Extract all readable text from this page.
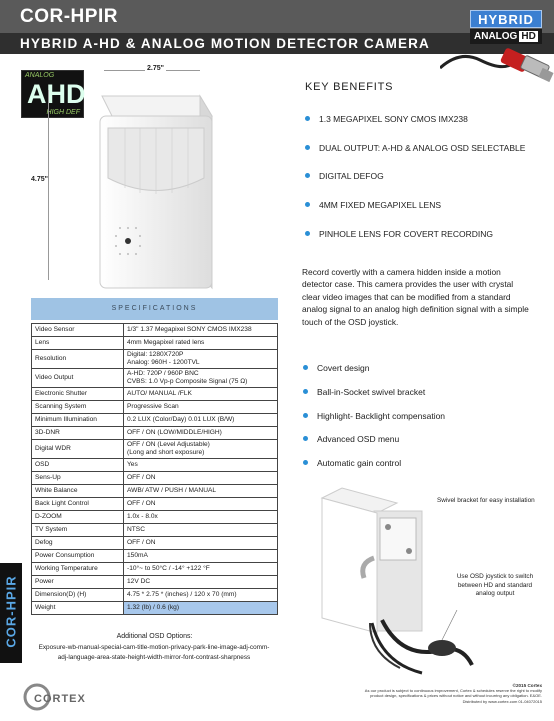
COR-HPIR
HYBRID A-HD & ANALOG MOTION DETECTOR CAMERA
HYBRID
ANALOG HD
ANALOG
AHD
HIGH DEF
2.75"
4.75"
KEY BENEFITS
1.3 MEGAPIXEL SONY CMOS IMX238
DUAL OUTPUT: A-HD & ANALOG OSD SELECTABLE
DIGITAL DEFOG
4MM FIXED MEGAPIXEL LENS
PINHOLE LENS FOR COVERT RECORDING
Record covertly with a camera hidden inside a motion detector case. This camera provides the user with crystal clear video images that can be modified from a standard analog signal to an analog high definition signal with a simple touch of the OSD joystick.
SPECIFICATIONS
Video Sensor	1/3" 1.37 Megapixel SONY CMOS IMX238
Lens	4mm Megapixel rated lens
Resolution	Digital: 1280X720P
Analog: 960H - 1200TVL
Video Output	A-HD: 720P / 960P BNC
CVBS: 1.0 Vp-p Composite Signal (75 Ω)
Electronic Shutter	AUTO/ MANUAL /FLK
Scanning System	Progressive Scan
Minimum Illumination	0.2 LUX (Color/Day) 0.01 LUX (B/W)
3D-DNR	OFF / ON (LOW/MIDDLE/HIGH)
Digital WDR	OFF / ON (Level Adjustable)
(Long and short exposure)
OSD	Yes
Sens-Up	OFF / ON
White Balance	AWB/ ATW / PUSH / MANUAL
Back Light Control	OFF / ON
D-ZOOM	1.0x - 8.0x
TV System	NTSC
Defog	OFF / ON
Power Consumption	150mA
Working Temperature	-10°~ to 50°C / -14° +122 °F
Power	12V DC
Dimension(D) (H)	4.75 * 2.75 * (inches) / 120 x 70 (mm)
Weight	1.32 (lb) / 0.6 (kg)
COR-HPIR	Additional OSD Options:
Exposure-wb-manual-special-cam-title-motion-privacy-park-line-image-adj-comm-adj-language-area-state-height-width-mirror-font-contrast-sharpness
Covert design
Ball-in-Socket swivel bracket
Highlight- Backlight compensation
Advanced OSD menu
Automatic gain control
Swivel bracket for easy installation
Use OSD joystick to switch between HD and standard analog output
CORTEX
©2015 Cortex
As our product is subject to continuous improvement, Cortex & schedules reserve the right to modify product design, specifications & prices without notice and without incurring any obligation. E&OE.
Distributed by www.cortex.com 01-04072015
